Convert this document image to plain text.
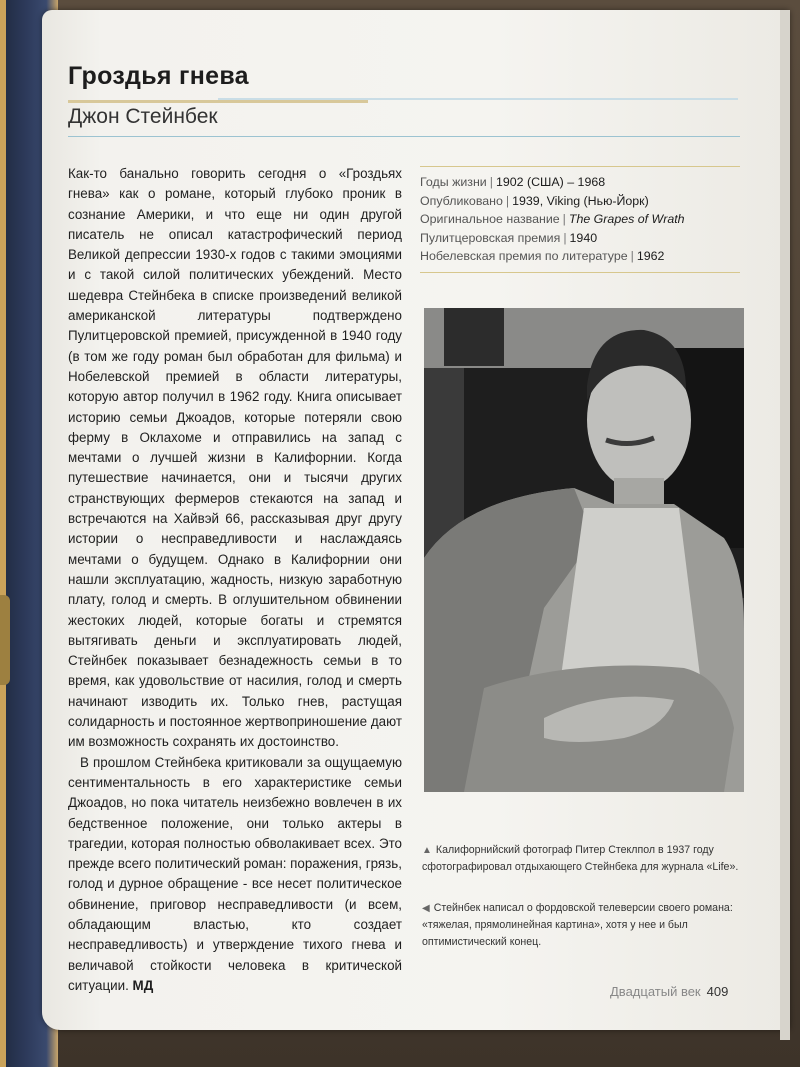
Гроздья гнева
Джон Стейнбек

Как-то банально говорить сегодня о «Гроздьях гнева» как о романе, который глубоко проник в сознание Америки, и что еще ни один другой писатель не описал катастрофический период Великой депрессии 1930-х годов с такими эмоциями и с такой силой политических убеждений. Место шедевра Стейнбека в списке произведений великой американской литературы подтверждено Пулитцеровской премией, присужденной в 1940 году (в том же году роман был обработан для фильма) и Нобелевской премией в области литературы, которую автор получил в 1962 году. Книга описывает историю семьи Джоадов, которые потеряли свою ферму в Оклахоме и отправились на запад с мечтами о лучшей жизни в Калифорнии. Когда путешествие начинается, они и тысячи других странствующих фермеров стекаются на запад и встречаются на Хайвэй 66, рассказывая друг другу истории о несправедливости и наслаждаясь мечтами о будущем. Однако в Калифорнии они нашли эксплуатацию, жадность, низкую заработную плату, голод и смерть. В оглушительном обвинении жестоких людей, которые богаты и стремятся вытягивать деньги и эксплуатировать людей, Стейнбек показывает безнадежность семьи в то время, как удовольствие от насилия, голод и смерть начинают изводить их. Только гнев, растущая солидарность и постоянное жертвоприношение дают им возможность сохранять их достоинство.

В прошлом Стейнбека критиковали за ощущаемую сентиментальность в его характеристике семьи Джоадов, но пока читатель неизбежно вовлечен в их бедственное положение, они только актеры в трагедии, которая полностью обволакивает всех. Это прежде всего политический роман: поражения, грязь, голод и дурное обращение - все несет политическое обвинение, приговор несправедливости (и всем, обладающим властью, кто создает несправедливость) и утверждение тихого гнева и величавой стойкости человека в критической ситуации. МД

Годы жизни | 1902 (США) – 1968
Опубликовано | 1939, Viking (Нью-Йорк)
Оригинальное название | The Grapes of Wrath
Пулитцеровская премия | 1940
Нобелевская премия по литературе | 1962
▲ Калифорнийский фотограф Питер Стеклпол в 1937 году сфотографировал отдыхающего Стейнбека для журнала «Life».
◀ Стейнбек написал о фордовской телеверсии своего романа: «тяжелая, прямолинейная картина», хотя у нее и был оптимистический конец.
Двадцатый век 409
